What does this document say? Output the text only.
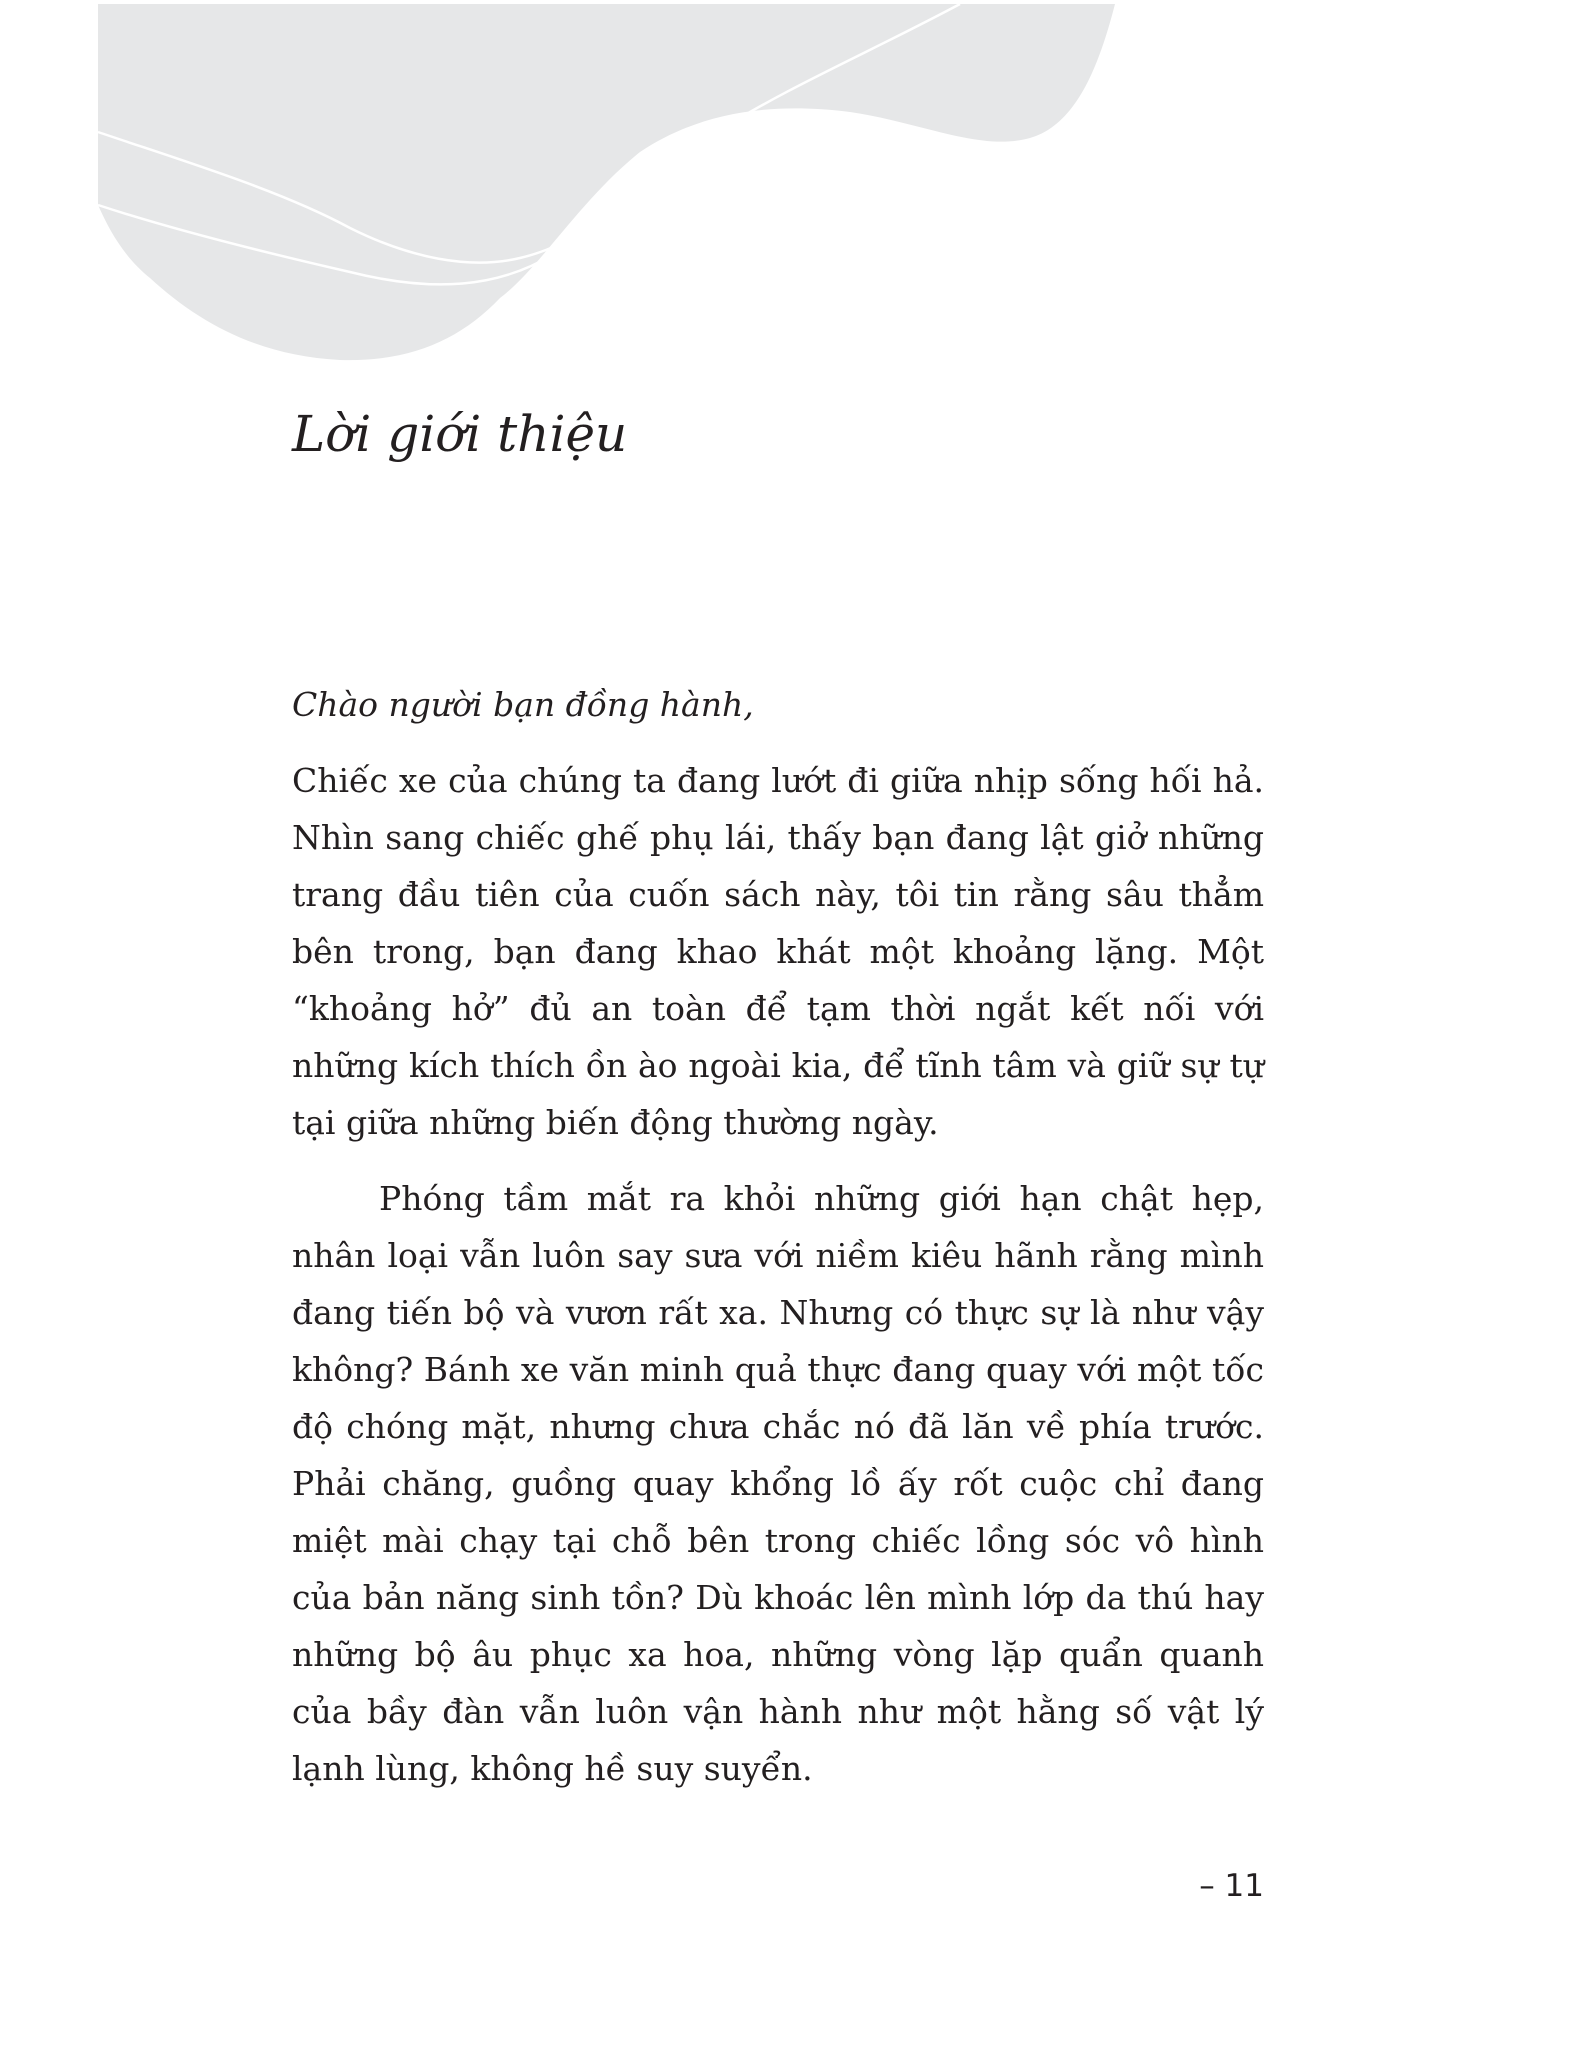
Lời giới thiệu

Chào người bạn đồng hành,

Chiếc xe của chúng ta đang lướt đi giữa nhịp sống hối hả. Nhìn sang chiếc ghế phụ lái, thấy bạn đang lật giở những trang đầu tiên của cuốn sách này, tôi tin rằng sâu thẳm bên trong, bạn đang khao khát một khoảng lặng. Một “khoảng hở” đủ an toàn để tạm thời ngắt kết nối với những kích thích ồn ào ngoài kia, để tĩnh tâm và giữ sự tự tại giữa những biến động thường ngày.

Phóng tầm mắt ra khỏi những giới hạn chật hẹp, nhân loại vẫn luôn say sưa với niềm kiêu hãnh rằng mình đang tiến bộ và vươn rất xa. Nhưng có thực sự là như vậy không? Bánh xe văn minh quả thực đang quay với một tốc độ chóng mặt, nhưng chưa chắc nó đã lăn về phía trước. Phải chăng, guồng quay khổng lồ ấy rốt cuộc chỉ đang miệt mài chạy tại chỗ bên trong chiếc lồng sóc vô hình của bản năng sinh tồn? Dù khoác lên mình lớp da thú hay những bộ âu phục xa hoa, những vòng lặp quẩn quanh của bầy đàn vẫn luôn vận hành như một hằng số vật lý lạnh lùng, không hề suy suyển.

– 11
